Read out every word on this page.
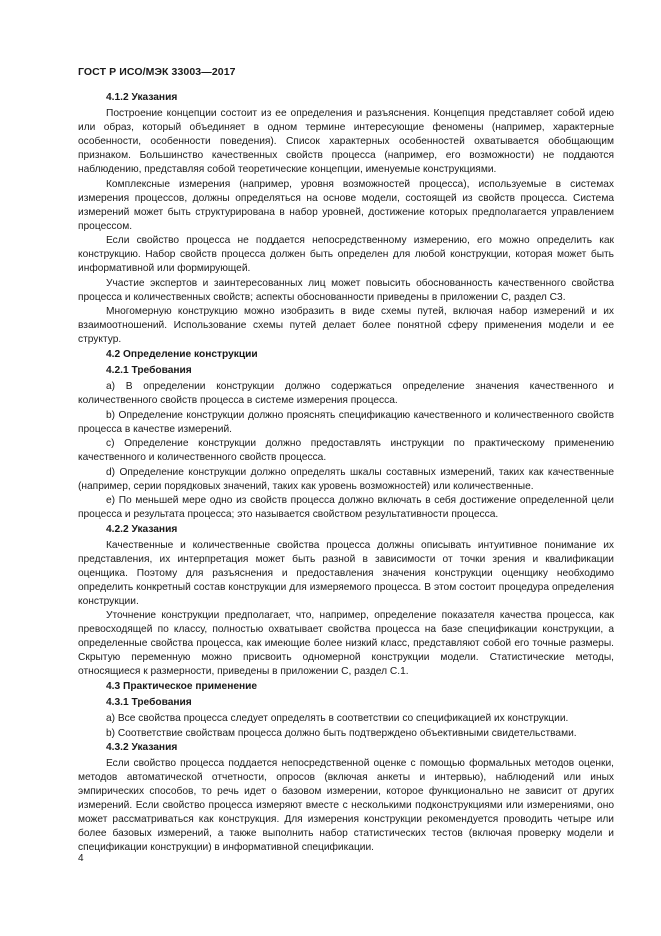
ГОСТ Р ИСО/МЭК 33003—2017
4.1.2 Указания

Построение концепции состоит из ее определения и разъяснения. Концепция представляет собой идею или образ, который объединяет в одном термине интересующие феномены (например, характерные особенности, особенности поведения). Список характерных особенностей охватывается обобщающим признаком. Большинство качественных свойств процесса (например, его возможности) не поддаются наблюдению, представляя собой теоретические концепции, именуемые конструкциями.

Комплексные измерения (например, уровня возможностей процесса), используемые в системах измерения процессов, должны определяться на основе модели, состоящей из свойств процесса. Система измерений может быть структурирована в набор уровней, достижение которых предполагается управлением процессом.

Если свойство процесса не поддается непосредственному измерению, его можно определить как конструкцию. Набор свойств процесса должен быть определен для любой конструкции, которая может быть информативной или формирующей.

Участие экспертов и заинтересованных лиц может повысить обоснованность качественного свойства процесса и количественных свойств; аспекты обоснованности приведены в приложении С, раздел С3.

Многомерную конструкцию можно изобразить в виде схемы путей, включая набор измерений и их взаимоотношений. Использование схемы путей делает более понятной сферу применения модели и ее структур.

4.2 Определение конструкции
4.2.1 Требования

a) В определении конструкции должно содержаться определение значения качественного и количественного свойств процесса в системе измерения процесса.

b) Определение конструкции должно прояснять спецификацию качественного и количественного свойств процесса в качестве измерений.

c) Определение конструкции должно предоставлять инструкции по практическому применению качественного и количественного свойств процесса.

d) Определение конструкции должно определять шкалы составных измерений, таких как качественные (например, серии порядковых значений, таких как уровень возможностей) или количественные.

e) По меньшей мере одно из свойств процесса должно включать в себя достижение определенной цели процесса и результата процесса; это называется свойством результативности процесса.

4.2.2 Указания

Качественные и количественные свойства процесса должны описывать интуитивное понимание их представления, их интерпретация может быть разной в зависимости от точки зрения и квалификации оценщика. Поэтому для разъяснения и предоставления значения конструкции оценщику необходимо определить конкретный состав конструкции для измеряемого процесса. В этом состоит процедура определения конструкции.

Уточнение конструкции предполагает, что, например, определение показателя качества процесса, как превосходящей по классу, полностью охватывает свойства процесса на базе спецификации конструкции, а определенные свойства процесса, как имеющие более низкий класс, представляют собой его точные размеры. Скрытую переменную можно присвоить одномерной конструкции модели. Статистические методы, относящиеся к размерности, приведены в приложении С, раздел С.1.

4.3 Практическое применение
4.3.1 Требования

a) Все свойства процесса следует определять в соответствии со спецификацией их конструкции.

b) Соответствие свойствам процесса должно быть подтверждено объективными свидетельствами.

4.3.2 Указания

Если свойство процесса поддается непосредственной оценке с помощью формальных методов оценки, методов автоматической отчетности, опросов (включая анкеты и интервью), наблюдений или иных эмпирических способов, то речь идет о базовом измерении, которое функционально не зависит от других измерений. Если свойство процесса измеряют вместе с несколькими подконструкциями или измерениями, оно может рассматриваться как конструкция. Для измерения конструкции рекомендуется проводить четыре или более базовых измерений, а также выполнить набор статистических тестов (включая проверку модели и спецификации конструкции) в информативной спецификации.

4
